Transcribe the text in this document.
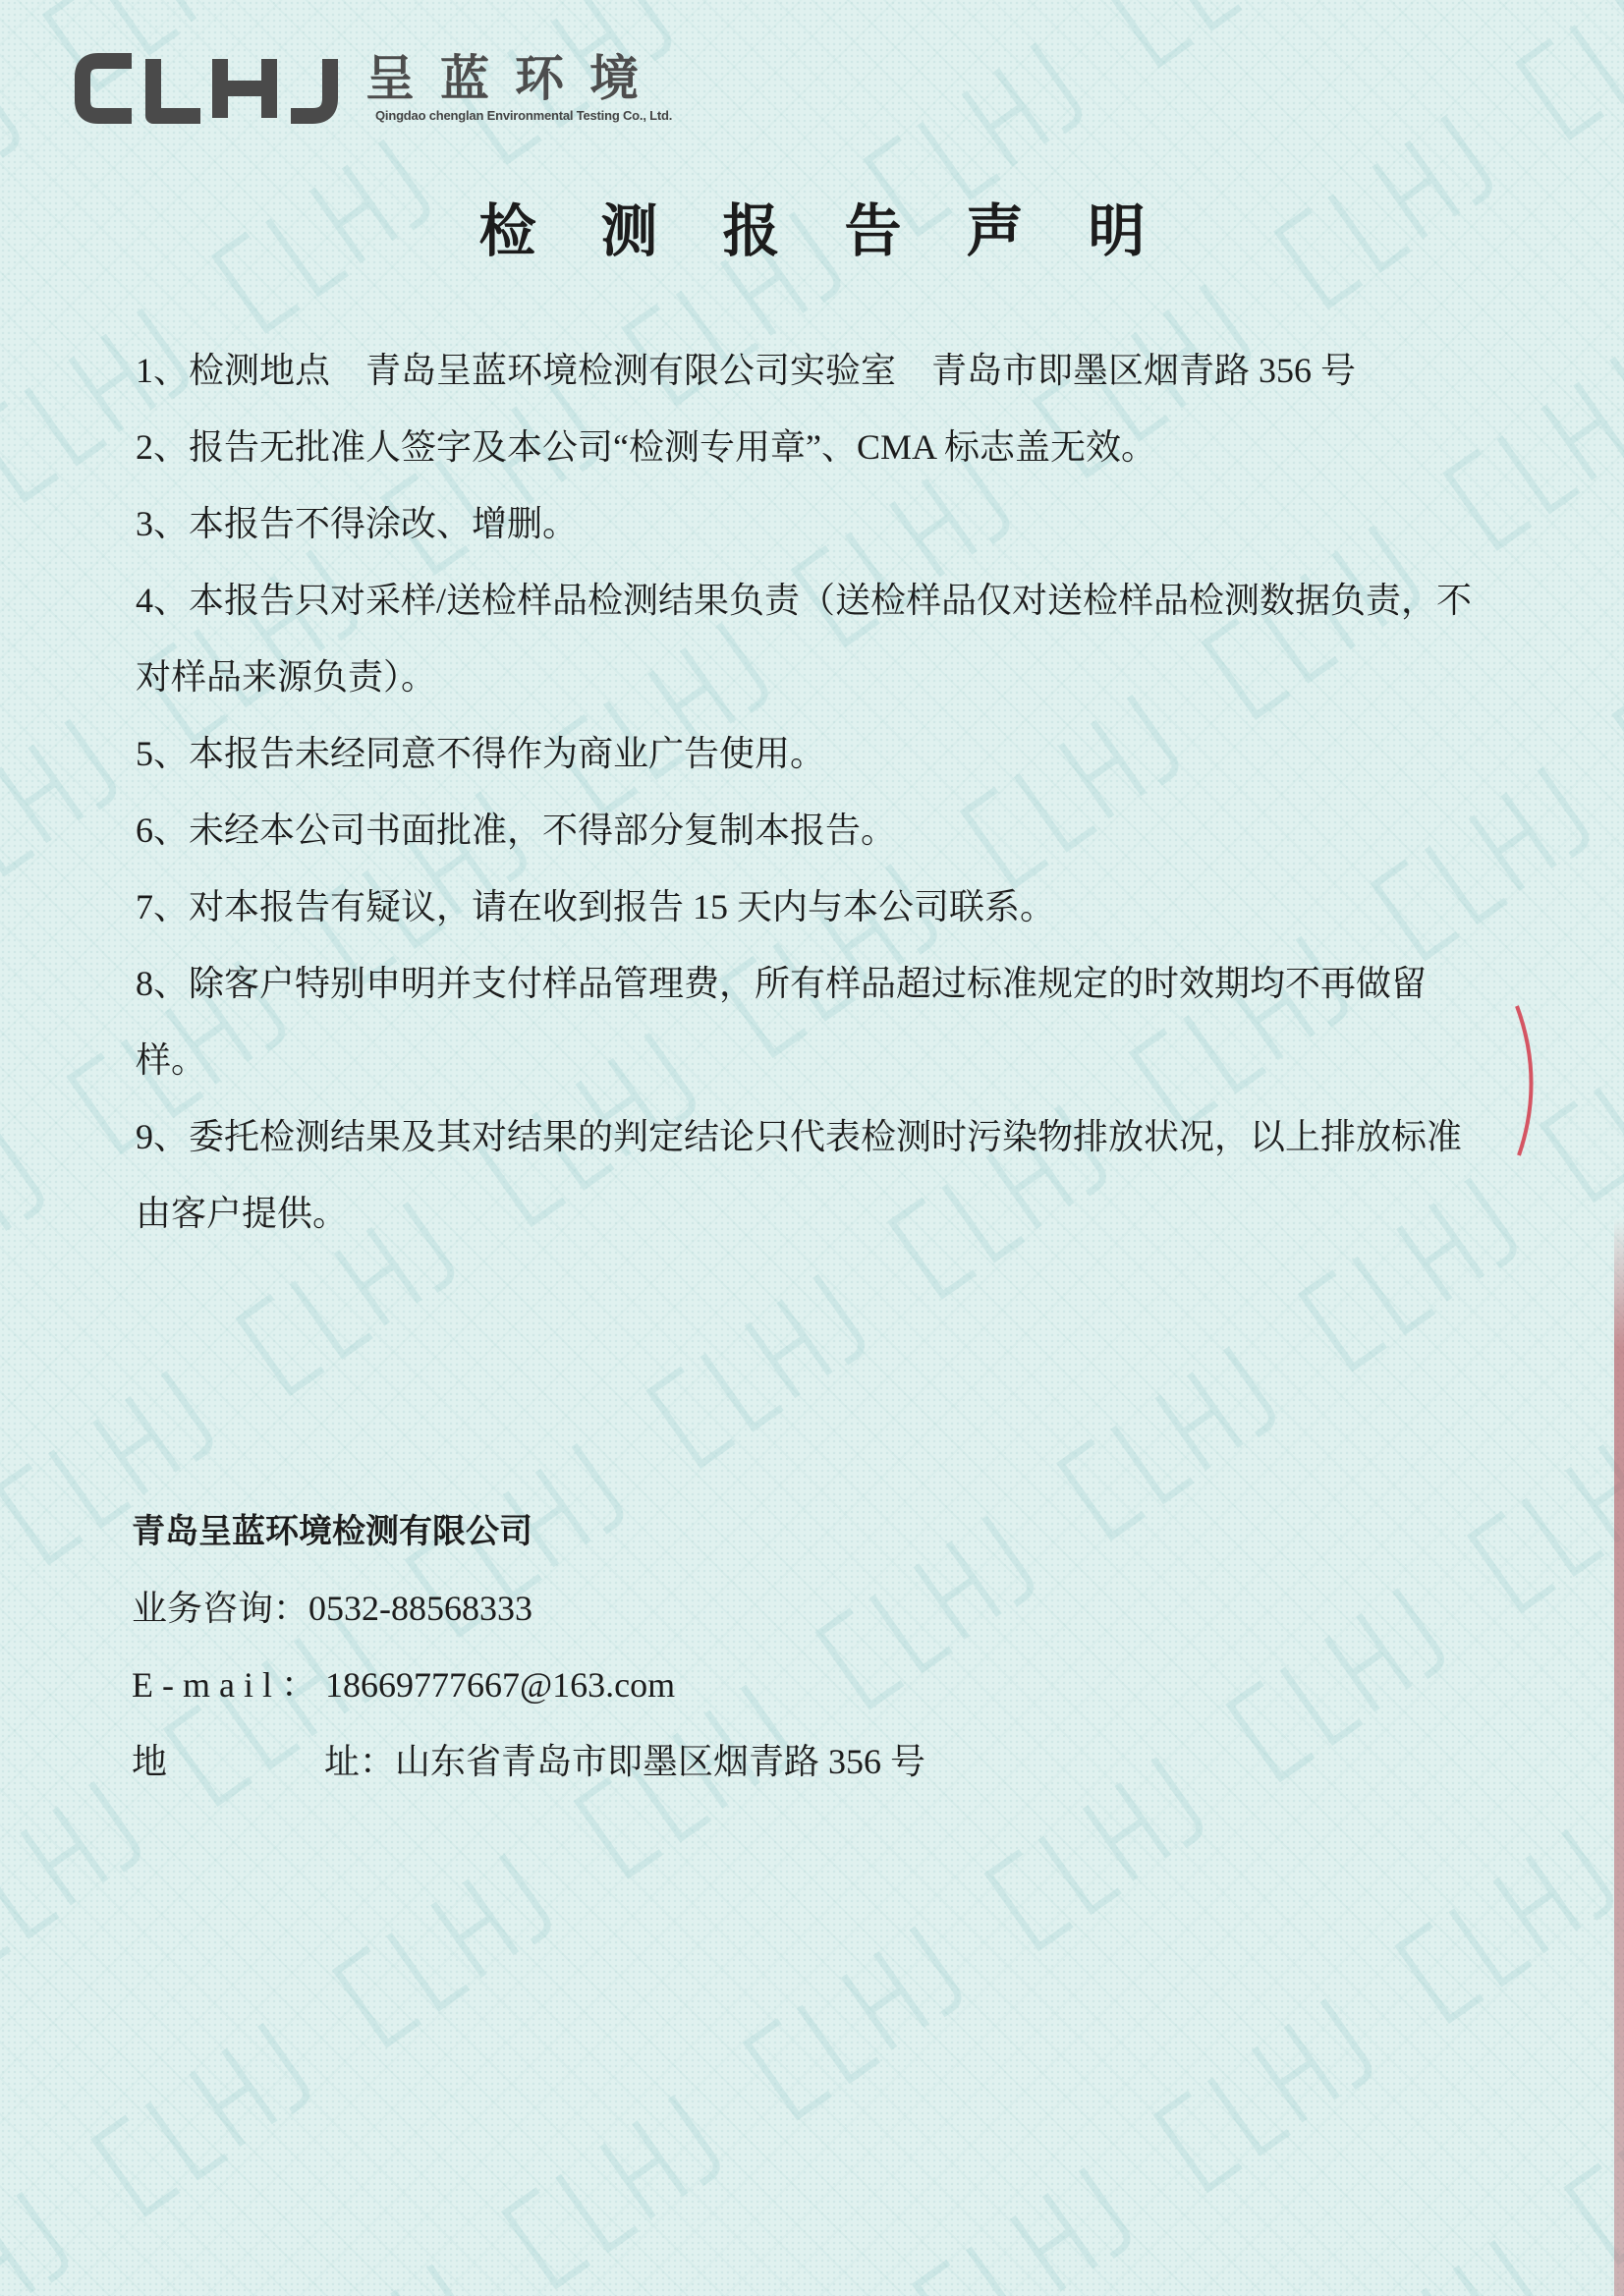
呈蓝环境
Qingdao chenglan Environmental Testing Co., Ltd.
检测报告声明

1、检测地点　青岛呈蓝环境检测有限公司实验室　青岛市即墨区烟青路 356 号

2、报告无批准人签字及本公司“检测专用章”、CMA 标志盖无效。

3、本报告不得涂改、增删。

4、本报告只对采样/送检样品检测结果负责（送检样品仅对送检样品检测数据负责，不对样品来源负责）。

5、本报告未经同意不得作为商业广告使用。

6、未经本公司书面批准，不得部分复制本报告。

7、对本报告有疑议，请在收到报告 15 天内与本公司联系。

8、除客户特别申明并支付样品管理费，所有样品超过标准规定的时效期均不再做留样。

9、委托检测结果及其对结果的判定结论只代表检测时污染物排放状况，以上排放标准由客户提供。

青岛呈蓝环境检测有限公司
业务咨询：0532-88568333
E-mail：18669777667@163.com
地	址：山东省青岛市即墨区烟青路 356 号
